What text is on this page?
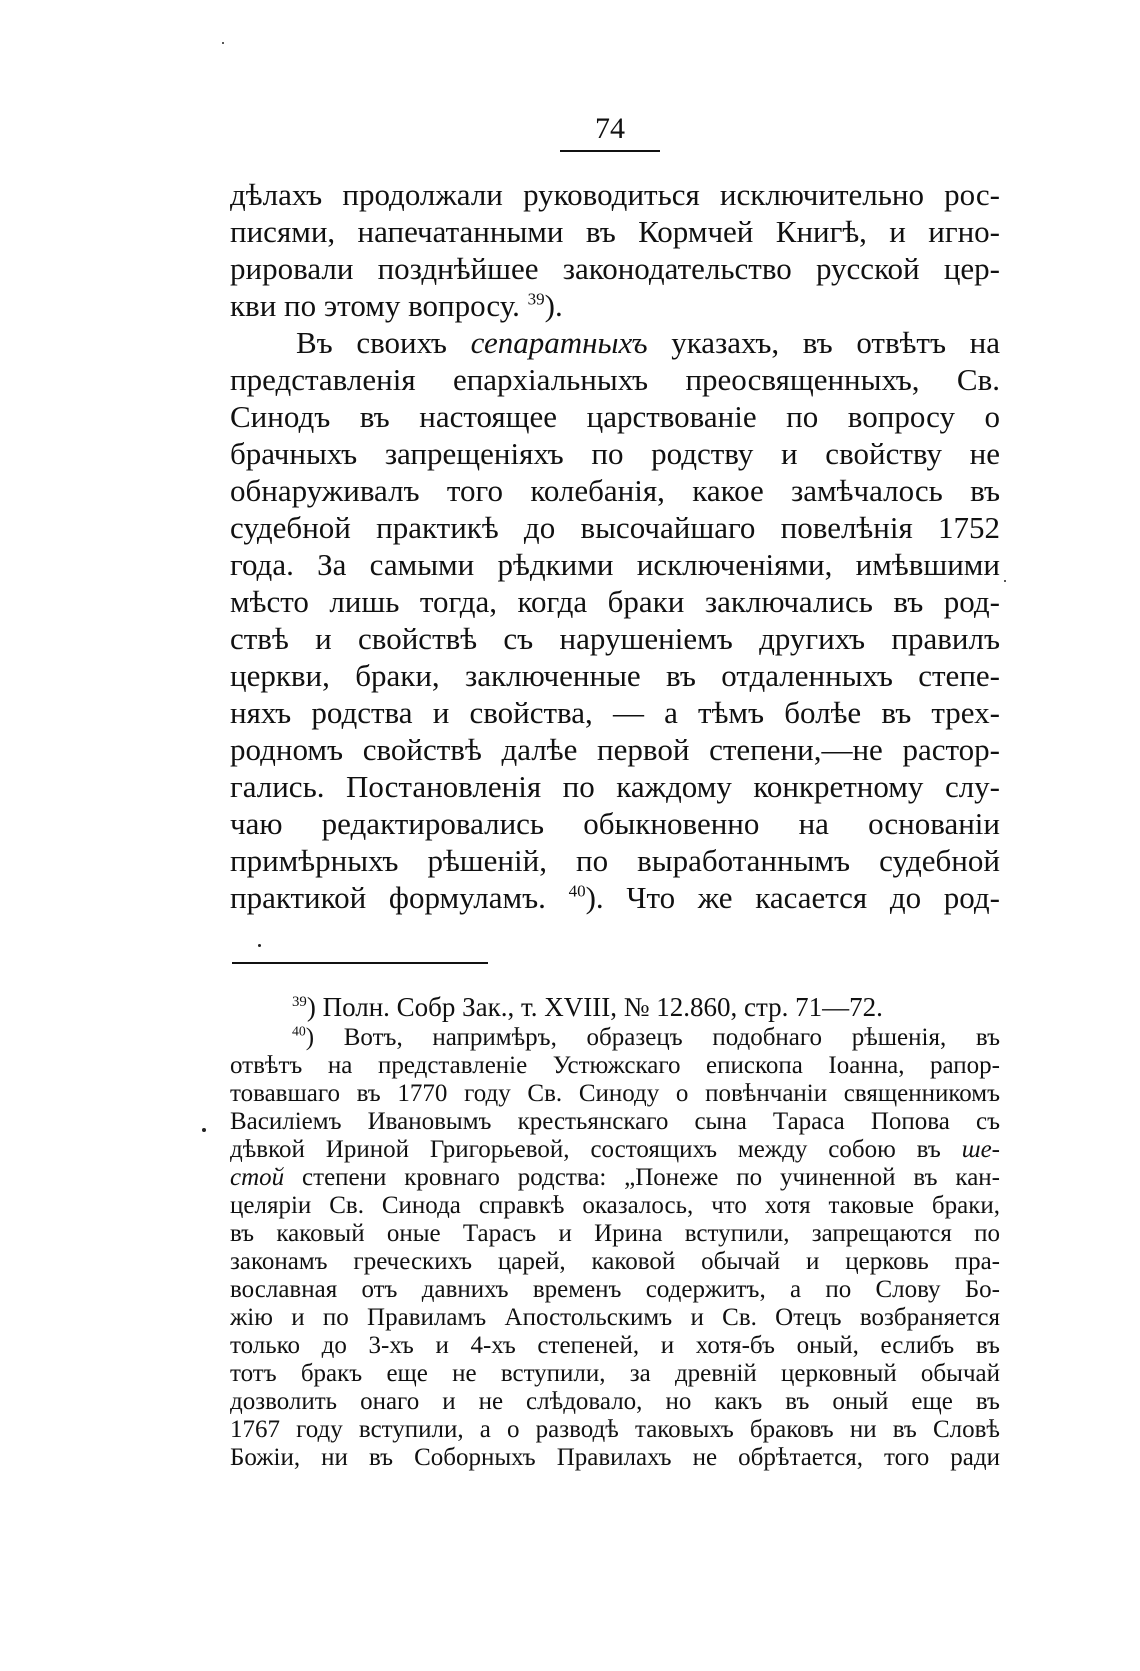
74
дѣлахъ продолжали руководиться исключительно рос-
писями, напечатанными въ Кормчей Книгѣ, и игно-
рировали позднѣйшее законодательство русской цер-
кви по этому вопросу. $^{39}$).
Въ своихъ сепаратныхъ указахъ, въ отвѣтъ на
представленія епархіальныхъ преосвященныхъ, Св.
Синодъ въ настоящее царствованіе по вопросу о
брачныхъ запрещеніяхъ по родству и свойству не
обнаруживалъ того колебанія, какое замѣчалось въ
судебной практикѣ до высочайшаго повелѣнія 1752
года. За самыми рѣдкими исключеніями, имѣвшими
мѣсто лишь тогда, когда браки заключались въ род-
ствѣ и свойствѣ съ нарушеніемъ другихъ правилъ
церкви, браки, заключенные въ отдаленныхъ степе-
няхъ родства и свойства, — а тѣмъ болѣе въ трех-
родномъ свойствѣ далѣе первой степени,—не растор-
гались. Постановленія по каждому конкретному слу-
чаю редактировались обыкновенно на основаніи
примѣрныхъ рѣшеній, по выработаннымъ судебной
практикой формуламъ. $^{40}$). Что же касается до род-
$^{39}$) Полн. Собр Зак., т. XVIII, № 12.860, стр. 71—72.
$^{40}$) Вотъ, напримѣръ, образецъ подобнаго рѣшенія, въ
отвѣтъ на представленіе Устюжскаго епископа Іоанна, рапор-
товавшаго въ 1770 году Св. Синоду о повѣнчаніи священникомъ
Василіемъ Ивановымъ крестьянскаго сына Тараса Попова съ
дѣвкой Ириной Григорьевой, состоящихъ между собою въ ше-
стой степени кровнаго родства: „Понеже по учиненной въ кан-
целяріи Св. Синода справкѣ оказалось, что хотя таковые браки,
въ каковый оные Тарасъ и Ирина вступили, запрещаются по
законамъ греческихъ царей, каковой обычай и церковь пра-
вославная отъ давнихъ временъ содержитъ, а по Слову Бо-
жію и по Правиламъ Апостольскимъ и Св. Отецъ возбраняется
только до 3-хъ и 4-хъ степеней, и хотя-бъ оный, еслибъ въ
тотъ бракъ еще не вступили, за древній церковный обычай
дозволить онаго и не слѣдовало, но какъ въ оный еще въ
1767 году вступили, а о разводѣ таковыхъ браковъ ни въ Словѣ
Божіи, ни въ Соборныхъ Правилахъ не обрѣтается, того ради
